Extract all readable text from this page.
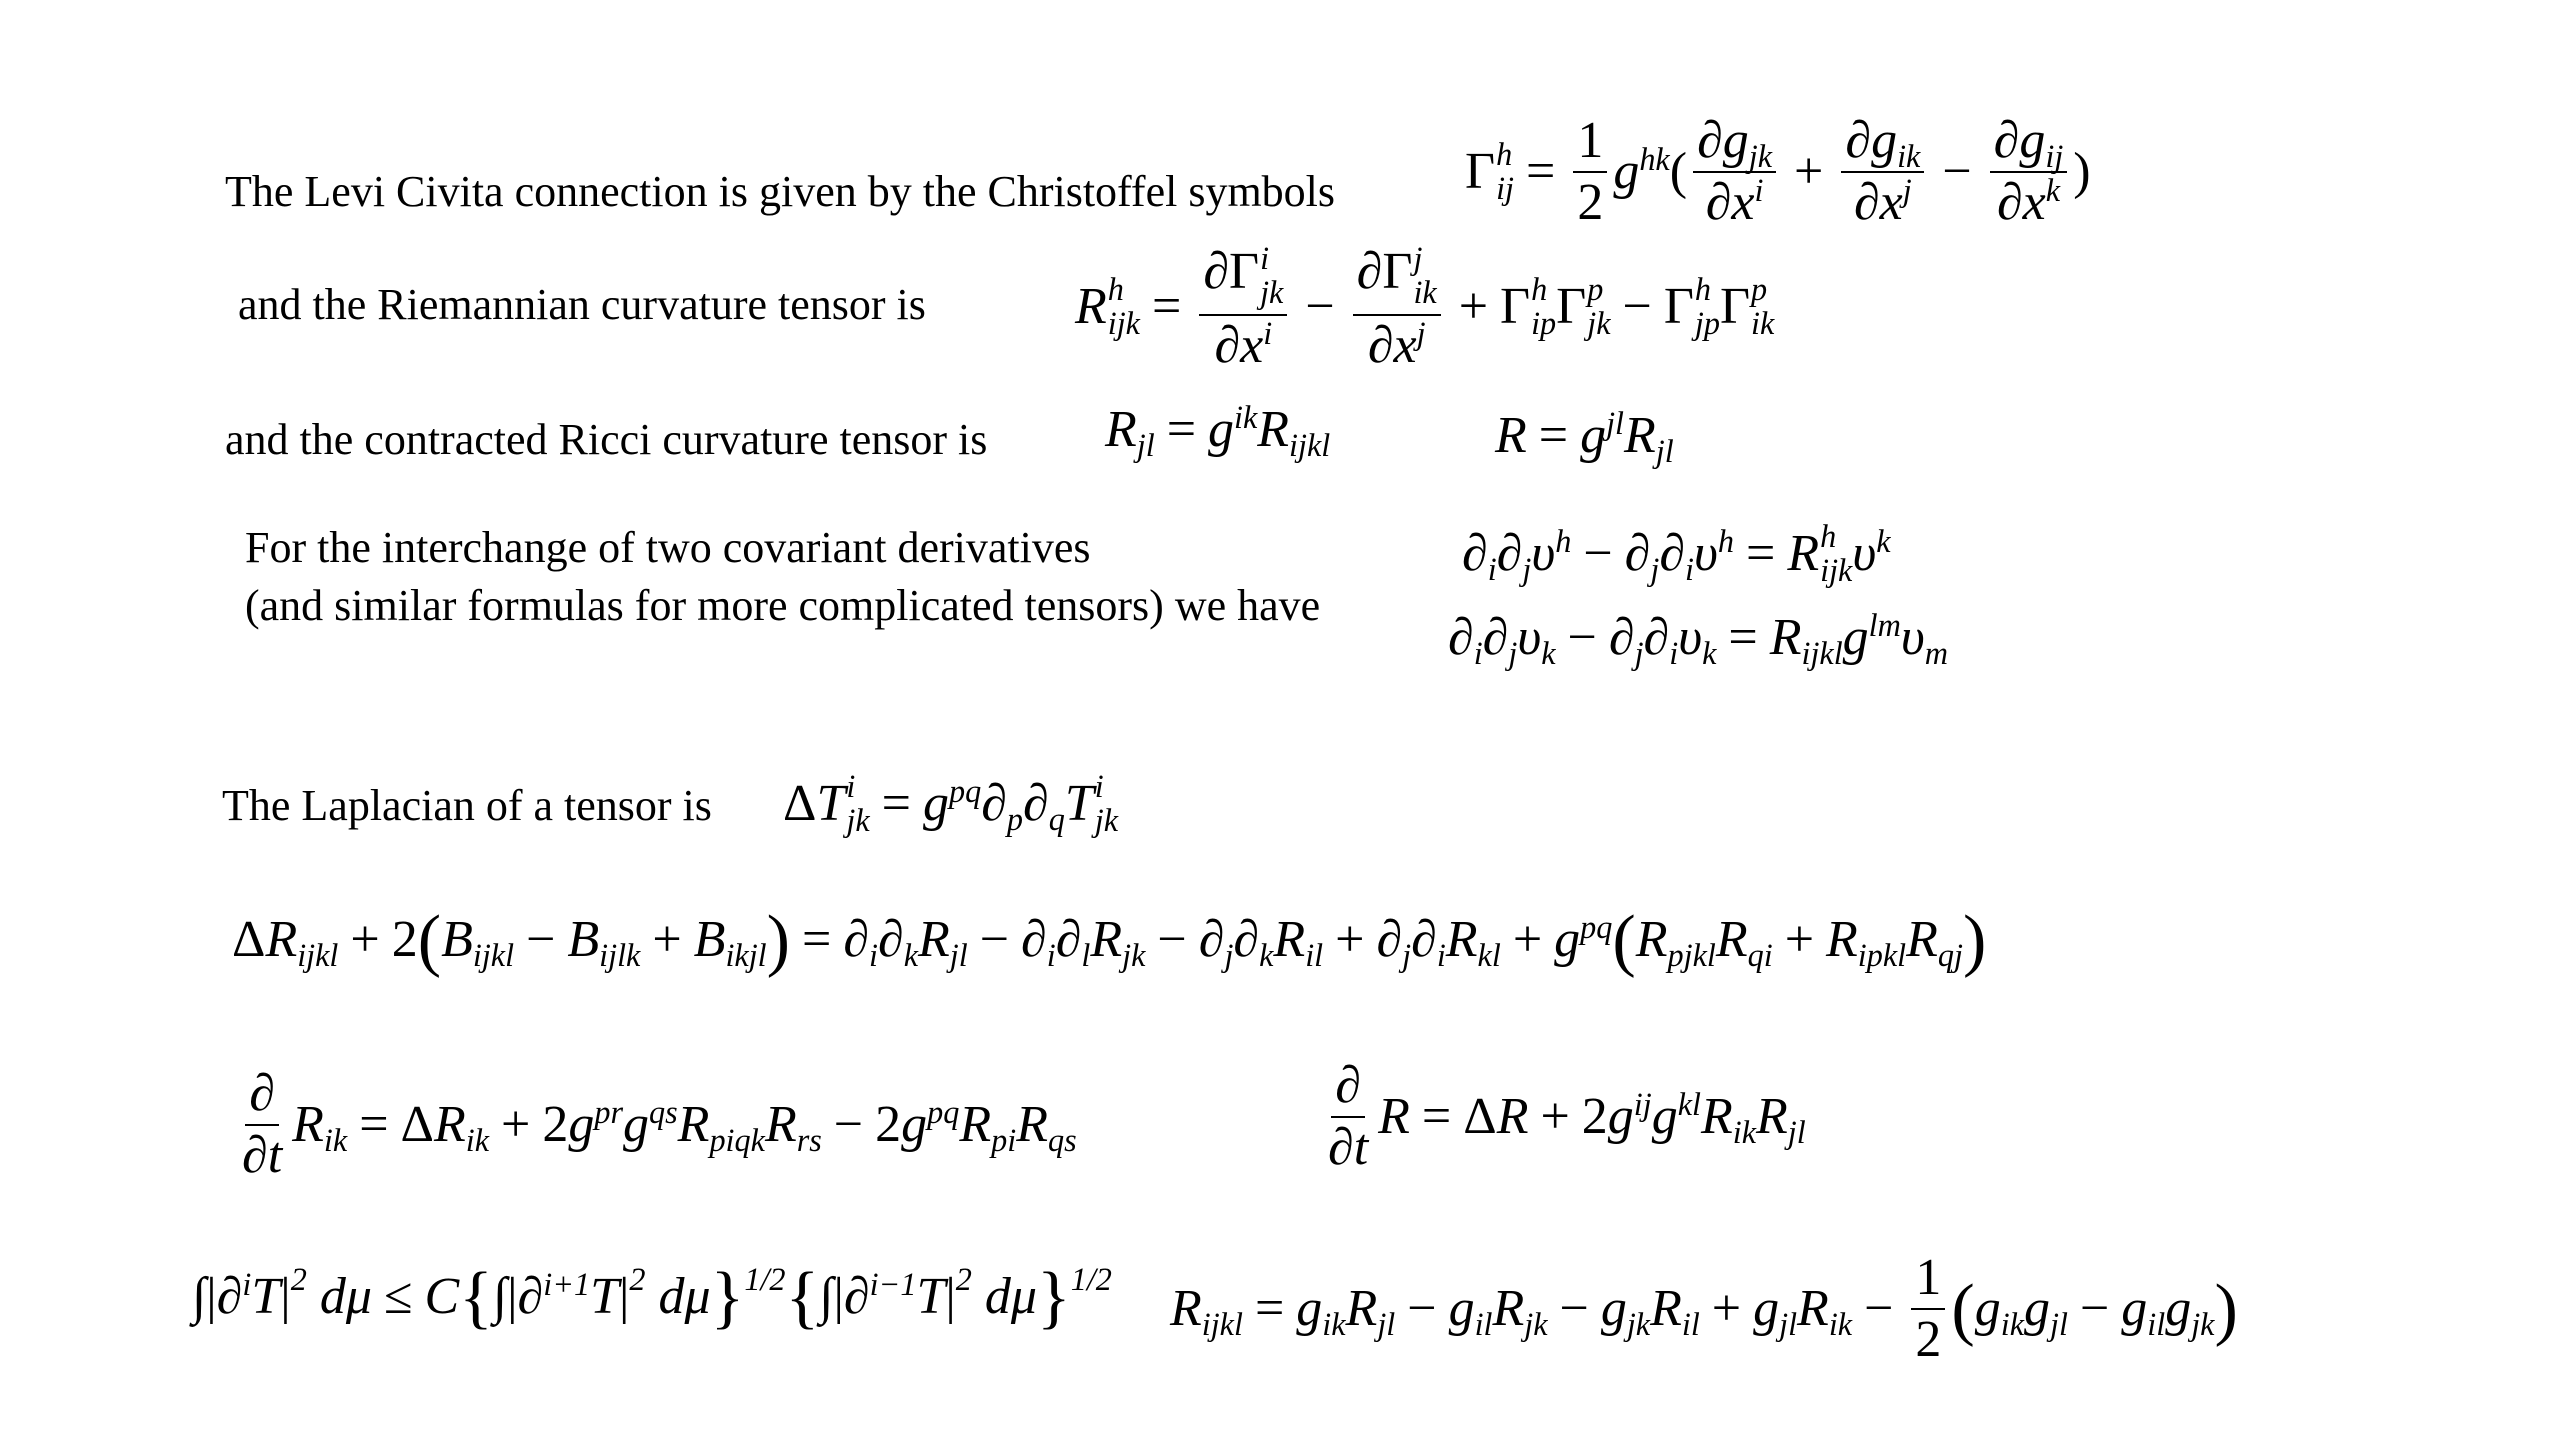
The Levi Civita connection is given by the Christoffel symbols Γ h
ij = $\frac{1}{2} g^{hk}$ ( $\frac{\partial g_{jk}}{\partial x^i} + \frac{\partial g_{ik}}{\partial x^j} - \frac{\partial g_{ij}}{\partial x^k}$ )
and the Riemannian curvature tensor is	R h
ijk = ∂Γ i
jk
$\partial x^i - \partial\Gamma$ j
ik
$\partial x^j + \Gamma$ h
ip Γ p
jk − Γ h
jp Γ p
ik
and the contracted Ricci curvature tensor is $R_{jl} = g^{ik}R_{ijkl}$	$R = g^{jl}R_{jl}$
For the interchange of two covariant derivatives
(and similar formulas for more complicated tensors) we have
$\partial_i\partial_j\upsilon^h - \partial_j\partial_i\upsilon^h = R$ h
ijk $\upsilon^k$
$\partial_i\partial_j\upsilon_k - \partial_j\partial_i\upsilon_k = R_{ijkl}g^{lm}\upsilon_m$
The Laplacian of a tensor is Δ T i
jk = $g^{pq}\partial_p\partial_qT$ i
jk
Δ $R_{ijkl} + 2$ ( $B_{ijkl} - B_{ijlk} + B_{ikjl}$ ) = $\partial_i\partial_kR_{jl} - \partial_i\partial_lR_{jk} - \partial_j\partial_kR_{il} + \partial_j\partial_iR_{kl} + g^{pq}$ ( $R_{pjkl}R_{qi} + R_{ipkl}R_{qj}$ )
$\frac{\partial}{\partial t} R_{ik} = \Delta$ $R_{ik} + 2$ $g^{pr}g^{qs}R_{piqk}R_{rs} - 2$ $g^{pq}R_{pi}R_{qs}$	$\frac{\partial}{\partial t}$ R = Δ R + 2 $g^{ij}g^{kl}R_{ik}R_{jl}$
∫ | ∂$^i$T $|^2$ dμ ≤ C { ∫ | ∂$^{i+1}$T $|^2$ dμ }$^{1/2}$ { ∫ | ∂$^{i-1}$T $|^2$ dμ }$^{1/2}$
$R_{ijkl} = g_{ik}R_{jl} - g_{il}R_{jk} - g_{jk}R_{il} + g_{jl}R_{ik} - \frac{1}{2}$ ( $g_{ik}g_{jl} - g_{il}g_{jk}$ )
